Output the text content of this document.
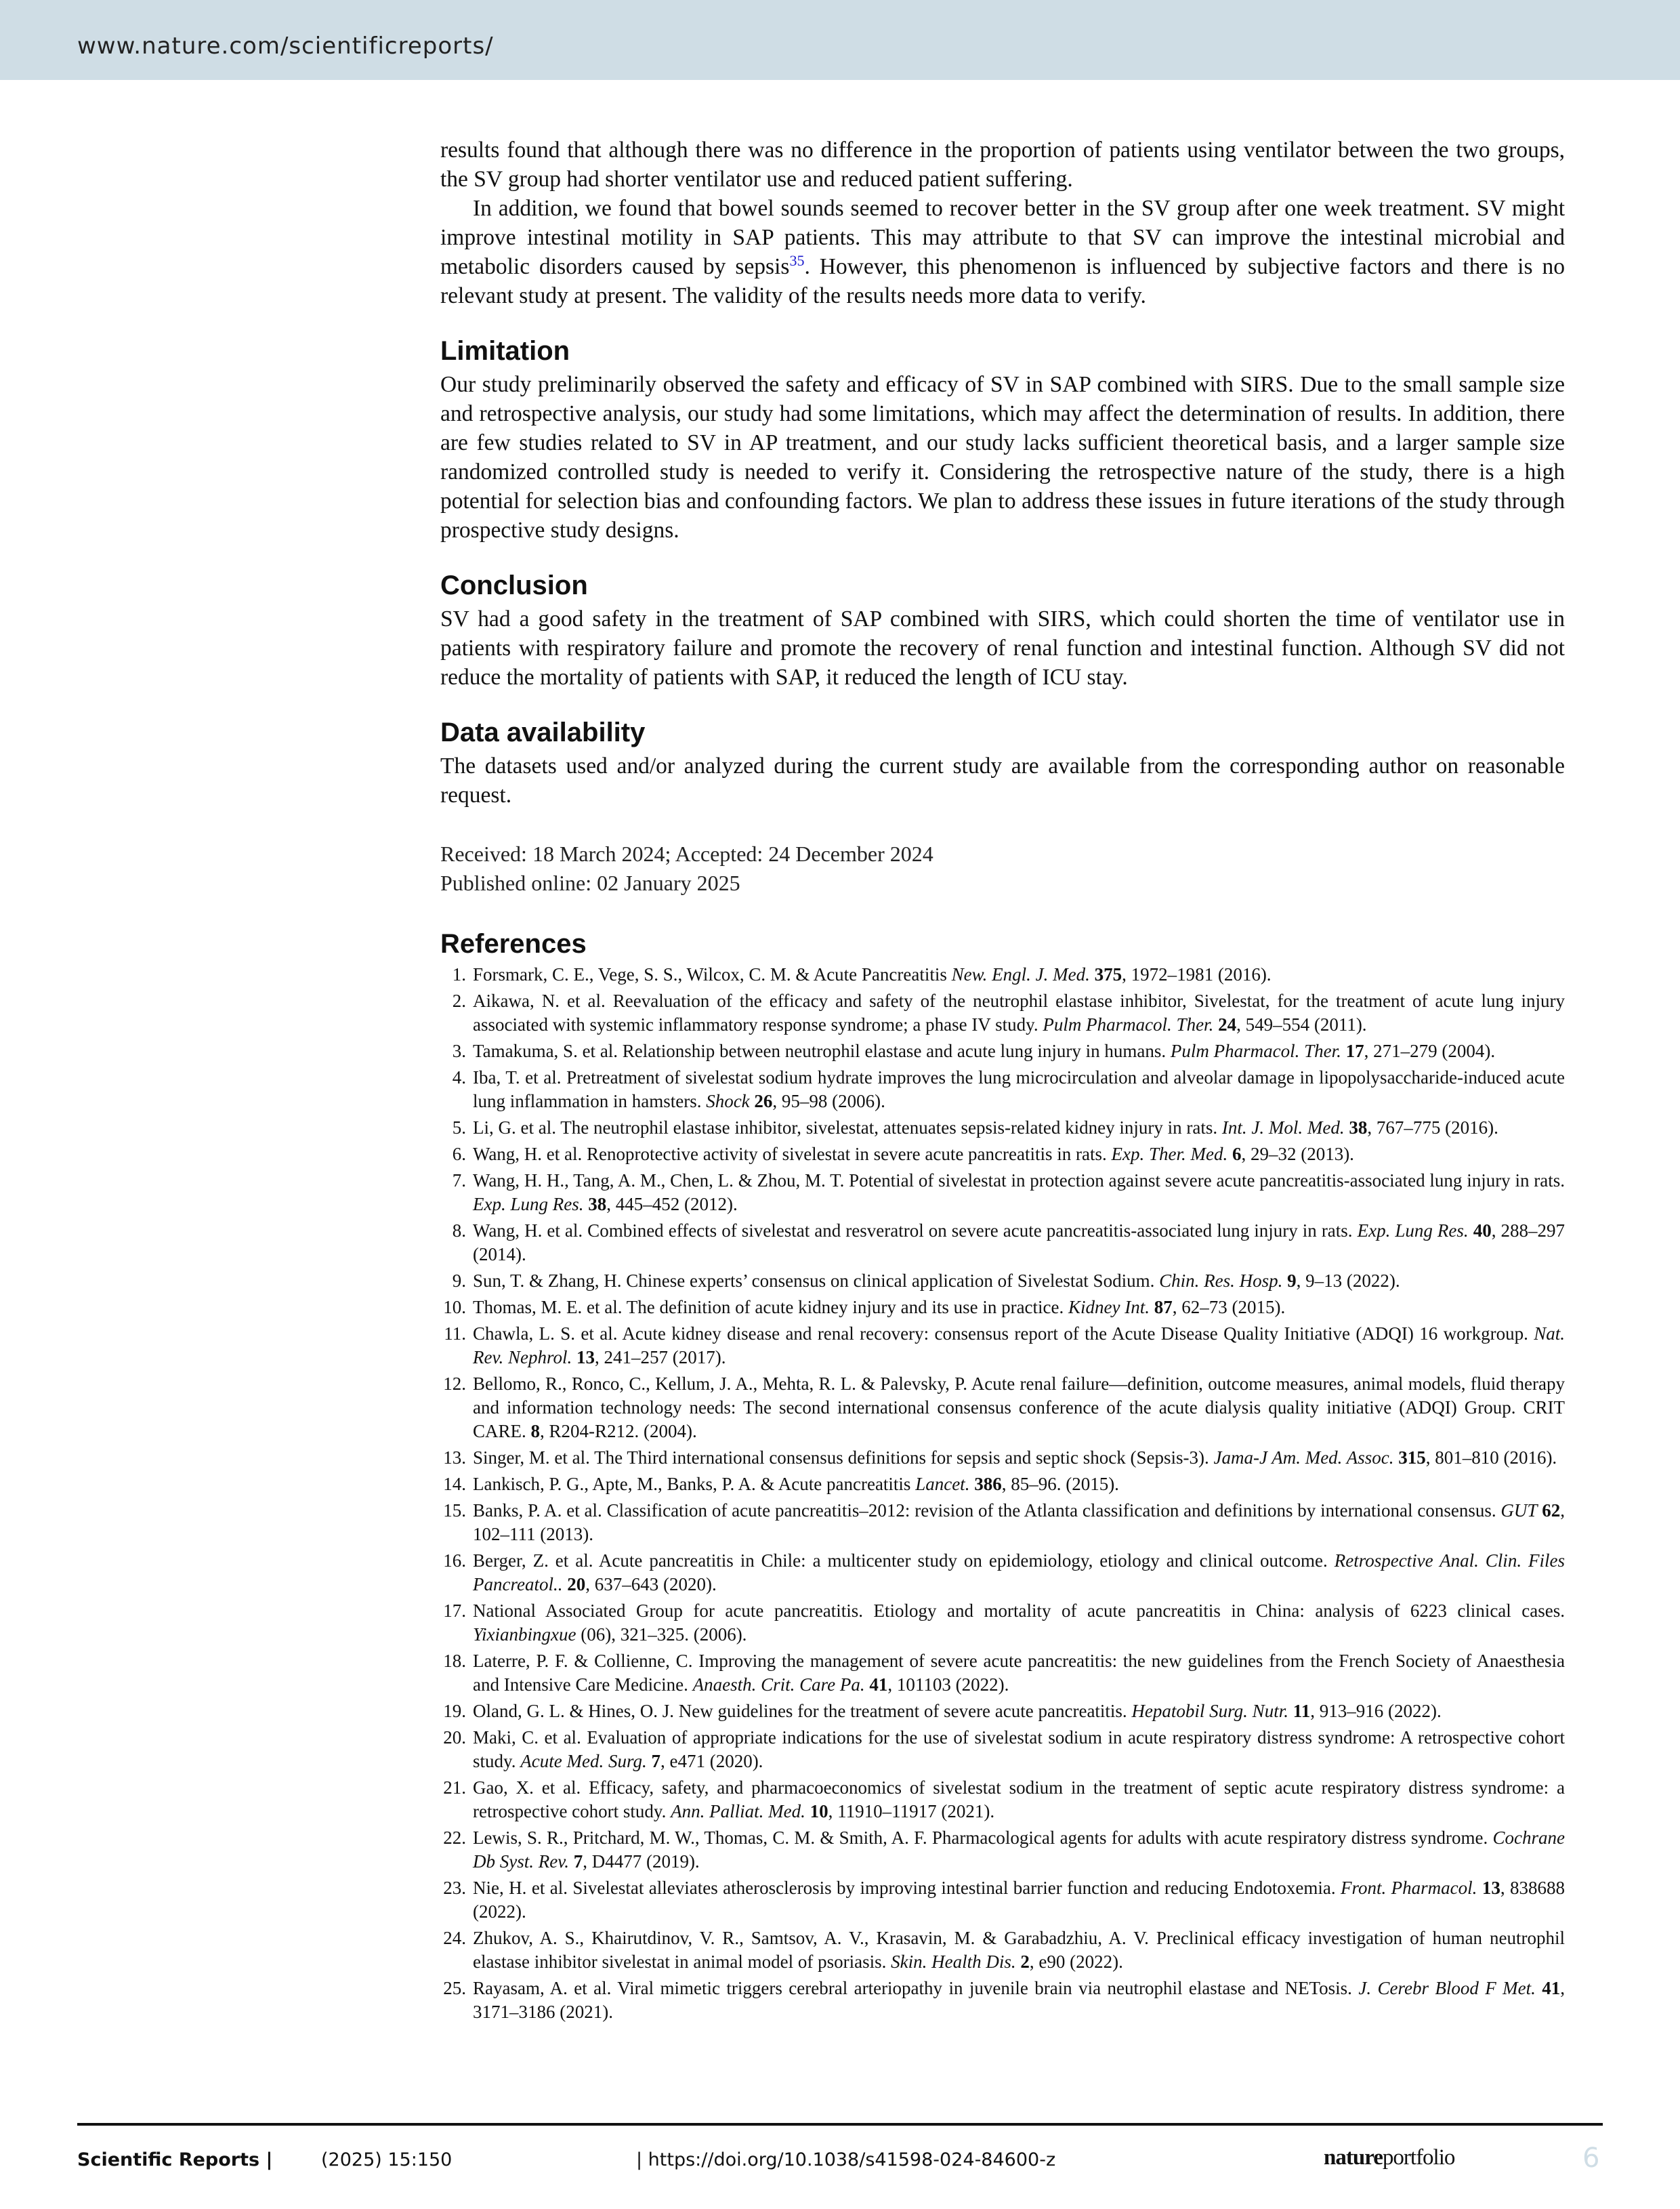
www.nature.com/scientificreports/

results found that although there was no difference in the proportion of patients using ventilator between the two groups, the SV group had shorter ventilator use and reduced patient suffering.

In addition, we found that bowel sounds seemed to recover better in the SV group after one week treatment. SV might improve intestinal motility in SAP patients. This may attribute to that SV can improve the intestinal microbial and metabolic disorders caused by sepsis$^{35}$. However, this phenomenon is influenced by subjective factors and there is no relevant study at present. The validity of the results needs more data to verify.

Limitation

Our study preliminarily observed the safety and efficacy of SV in SAP combined with SIRS. Due to the small sample size and retrospective analysis, our study had some limitations, which may affect the determination of results. In addition, there are few studies related to SV in AP treatment, and our study lacks sufficient theoretical basis, and a larger sample size randomized controlled study is needed to verify it. Considering the retrospective nature of the study, there is a high potential for selection bias and confounding factors. We plan to address these issues in future iterations of the study through prospective study designs.

Conclusion

SV had a good safety in the treatment of SAP combined with SIRS, which could shorten the time of ventilator use in patients with respiratory failure and promote the recovery of renal function and intestinal function. Although SV did not reduce the mortality of patients with SAP, it reduced the length of ICU stay.

Data availability

The datasets used and/or analyzed during the current study are available from the corresponding author on reasonable request.

Received: 18 March 2024; Accepted: 24 December 2024
Published online: 02 January 2025
References
1. Forsmark, C. E., Vege, S. S., Wilcox, C. M. & Acute Pancreatitis New. Engl. J. Med. 375, 1972–1981 (2016).
2. Aikawa, N. et al. Reevaluation of the efficacy and safety of the neutrophil elastase inhibitor, Sivelestat, for the treatment of acute lung injury associated with systemic inflammatory response syndrome; a phase IV study. Pulm Pharmacol. Ther. 24, 549–554 (2011).
3. Tamakuma, S. et al. Relationship between neutrophil elastase and acute lung injury in humans. Pulm Pharmacol. Ther. 17, 271–279 (2004).
4. Iba, T. et al. Pretreatment of sivelestat sodium hydrate improves the lung microcirculation and alveolar damage in lipopolysaccharide-induced acute lung inflammation in hamsters. Shock 26, 95–98 (2006).
5. Li, G. et al. The neutrophil elastase inhibitor, sivelestat, attenuates sepsis-related kidney injury in rats. Int. J. Mol. Med. 38, 767–775 (2016).
6. Wang, H. et al. Renoprotective activity of sivelestat in severe acute pancreatitis in rats. Exp. Ther. Med. 6, 29–32 (2013).
7. Wang, H. H., Tang, A. M., Chen, L. & Zhou, M. T. Potential of sivelestat in protection against severe acute pancreatitis-associated lung injury in rats. Exp. Lung Res. 38, 445–452 (2012).
8. Wang, H. et al. Combined effects of sivelestat and resveratrol on severe acute pancreatitis-associated lung injury in rats. Exp. Lung Res. 40, 288–297 (2014).
9. Sun, T. & Zhang, H. Chinese experts’ consensus on clinical application of Sivelestat Sodium. Chin. Res. Hosp. 9, 9–13 (2022).
10. Thomas, M. E. et al. The definition of acute kidney injury and its use in practice. Kidney Int. 87, 62–73 (2015).
11. Chawla, L. S. et al. Acute kidney disease and renal recovery: consensus report of the Acute Disease Quality Initiative (ADQI) 16 workgroup. Nat. Rev. Nephrol. 13, 241–257 (2017).
12. Bellomo, R., Ronco, C., Kellum, J. A., Mehta, R. L. & Palevsky, P. Acute renal failure—definition, outcome measures, animal models, fluid therapy and information technology needs: The second international consensus conference of the acute dialysis quality initiative (ADQI) Group. CRIT CARE. 8, R204-R212. (2004).
13. Singer, M. et al. The Third international consensus definitions for sepsis and septic shock (Sepsis-3). Jama-J Am. Med. Assoc. 315, 801–810 (2016).
14. Lankisch, P. G., Apte, M., Banks, P. A. & Acute pancreatitis Lancet. 386, 85–96. (2015).
15. Banks, P. A. et al. Classification of acute pancreatitis–2012: revision of the Atlanta classification and definitions by international consensus. GUT 62, 102–111 (2013).
16. Berger, Z. et al. Acute pancreatitis in Chile: a multicenter study on epidemiology, etiology and clinical outcome. Retrospective Anal. Clin. Files Pancreatol.. 20, 637–643 (2020).
17. National Associated Group for acute pancreatitis. Etiology and mortality of acute pancreatitis in China: analysis of 6223 clinical cases. Yixianbingxue (06), 321–325. (2006).
18. Laterre, P. F. & Collienne, C. Improving the management of severe acute pancreatitis: the new guidelines from the French Society of Anaesthesia and Intensive Care Medicine. Anaesth. Crit. Care Pa. 41, 101103 (2022).
19. Oland, G. L. & Hines, O. J. New guidelines for the treatment of severe acute pancreatitis. Hepatobil Surg. Nutr. 11, 913–916 (2022).
20. Maki, C. et al. Evaluation of appropriate indications for the use of sivelestat sodium in acute respiratory distress syndrome: A retrospective cohort study. Acute Med. Surg. 7, e471 (2020).
21. Gao, X. et al. Efficacy, safety, and pharmacoeconomics of sivelestat sodium in the treatment of septic acute respiratory distress syndrome: a retrospective cohort study. Ann. Palliat. Med. 10, 11910–11917 (2021).
22. Lewis, S. R., Pritchard, M. W., Thomas, C. M. & Smith, A. F. Pharmacological agents for adults with acute respiratory distress syndrome. Cochrane Db Syst. Rev. 7, D4477 (2019).
23. Nie, H. et al. Sivelestat alleviates atherosclerosis by improving intestinal barrier function and reducing Endotoxemia. Front. Pharmacol. 13, 838688 (2022).
24. Zhukov, A. S., Khairutdinov, V. R., Samtsov, A. V., Krasavin, M. & Garabadzhiu, A. V. Preclinical efficacy investigation of human neutrophil elastase inhibitor sivelestat in animal model of psoriasis. Skin. Health Dis. 2, e90 (2022).
25. Rayasam, A. et al. Viral mimetic triggers cerebral arteriopathy in juvenile brain via neutrophil elastase and NETosis. J. Cerebr Blood F Met. 41, 3171–3186 (2021).
Scientific Reports |	(2025) 15:150	| https://doi.org/10.1038/s41598-024-84600-z	natureportfolio	6
